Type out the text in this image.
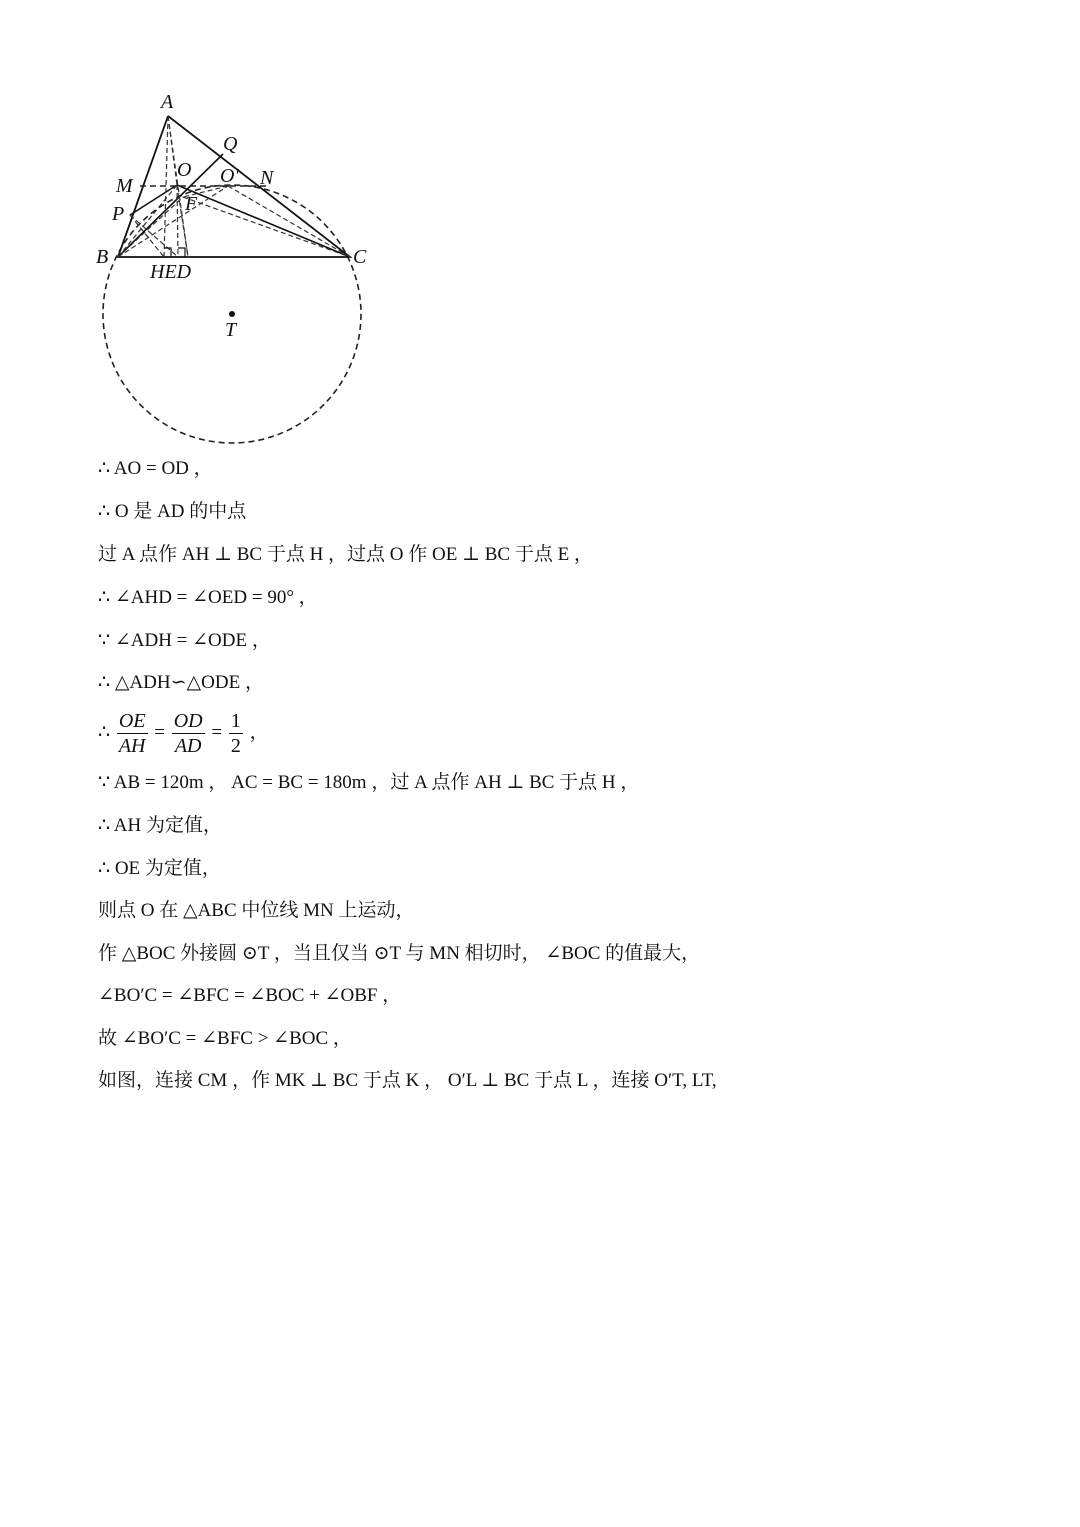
A
Q
O O' N
M
P	F
B	C
HED
T
∴ AO = OD ，
∴ O 是 AD 的中点
过 A 点作 AH ⊥ BC 于点 H ，过点 O 作 OE ⊥ BC 于点 E ，
∴ ∠AHD = ∠OED = 90° ，
∵ ∠ADH = ∠ODE ，
∴ △ADH∽△ODE ，
∴ $\frac{OE}{AH} = \frac{OD}{AD} = \frac{1}{2}$ ，
∵ AB = 120m ， AC = BC = 180m ，过 A 点作 AH ⊥ BC 于点 H ，
∴ AH 为定值，
∴ OE 为定值，
则点 O 在 △ABC 中位线 MN 上运动，
作 △BOC 外接圆 ⊙T ，当且仅当 ⊙T 与 MN 相切时， ∠BOC 的值最大，
∠BO′C = ∠BFC = ∠BOC + ∠OBF ，
故 ∠BO′C = ∠BFC > ∠BOC ，
如图，连接 CM ，作 MK ⊥ BC 于点 K ， O′L ⊥ BC 于点 L ，连接 O′T, LT,
